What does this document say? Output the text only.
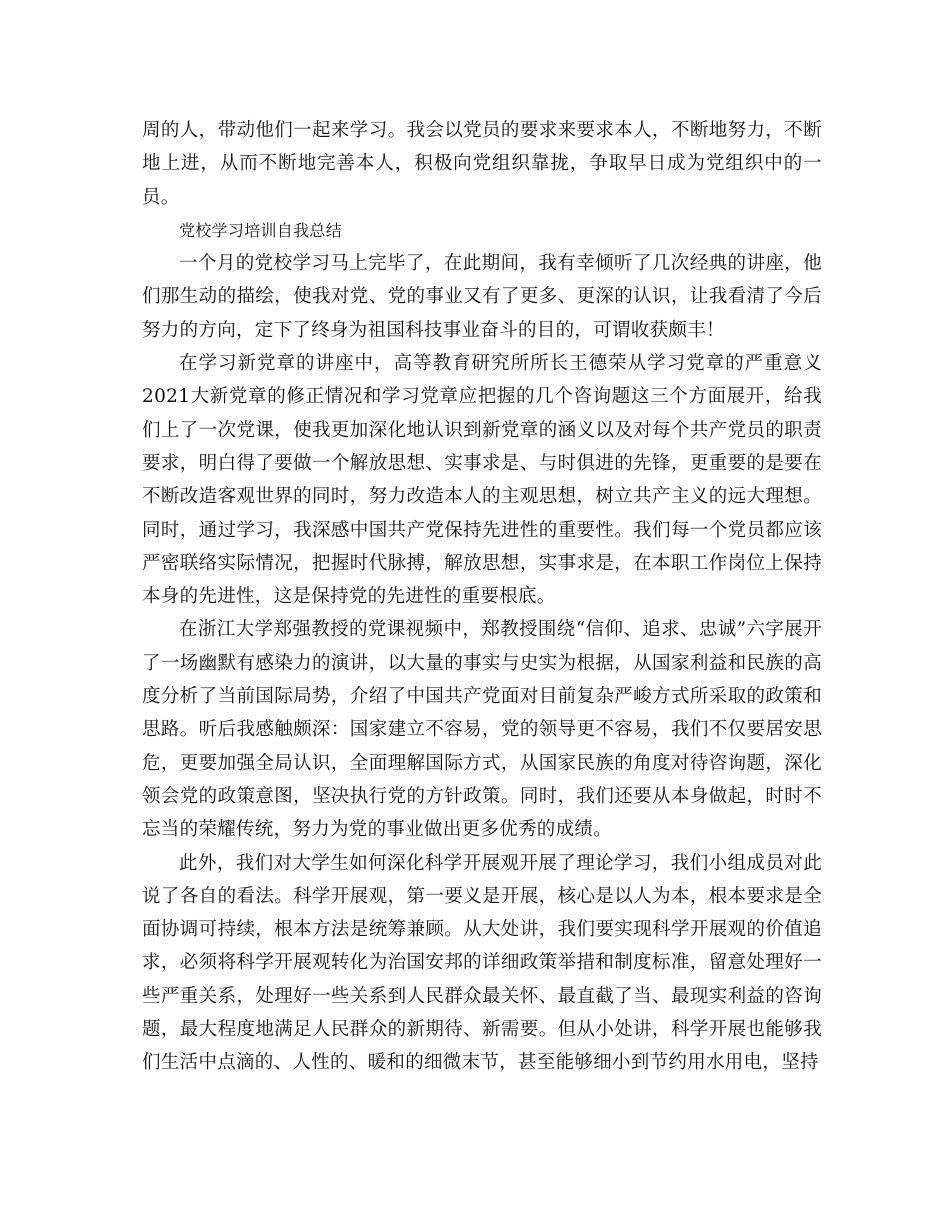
周的人，带动他们一起来学习。我会以党员的要求来要求本人，不断地努力，不断地上进，从而不断地完善本人，积极向党组织靠拢，争取早日成为党组织中的一员。

党校学习培训自我总结

一个月的党校学习马上完毕了，在此期间，我有幸倾听了几次经典的讲座，他们那生动的描绘，使我对党、党的事业又有了更多、更深的认识，让我看清了今后努力的方向，定下了终身为祖国科技事业奋斗的目的，可谓收获颇丰！

在学习新党章的讲座中，高等教育研究所所长王德荣从学习党章的严重意义2021大新党章的修正情况和学习党章应把握的几个咨询题这三个方面展开，给我们上了一次党课，使我更加深化地认识到新党章的涵义以及对每个共产党员的职责要求，明白得了要做一个解放思想、实事求是、与时俱进的先锋，更重要的是要在不断改造客观世界的同时，努力改造本人的主观思想，树立共产主义的远大理想。同时，通过学习，我深感中国共产党保持先进性的重要性。我们每一个党员都应该严密联络实际情况，把握时代脉搏，解放思想，实事求是，在本职工作岗位上保持本身的先进性，这是保持党的先进性的重要根底。

在浙江大学郑强教授的党课视频中，郑教授围绕“信仰、追求、忠诚”六字展开了一场幽默有感染力的演讲，以大量的事实与史实为根据，从国家利益和民族的高度分析了当前国际局势，介绍了中国共产党面对目前复杂严峻方式所采取的政策和思路。听后我感触颇深：国家建立不容易，党的领导更不容易，我们不仅要居安思危，更要加强全局认识，全面理解国际方式，从国家民族的角度对待咨询题，深化领会党的政策意图，坚决执行党的方针政策。同时，我们还要从本身做起，时时不忘当的荣耀传统，努力为党的事业做出更多优秀的成绩。

此外，我们对大学生如何深化科学开展观开展了理论学习，我们小组成员对此说了各自的看法。科学开展观，第一要义是开展，核心是以人为本，根本要求是全面协调可持续，根本方法是统筹兼顾。从大处讲，我们要实现科学开展观的价值追求，必须将科学开展观转化为治国安邦的详细政策举措和制度标准，留意处理好一些严重关系，处理好一些关系到人民群众最关怀、最直截了当、最现实利益的咨询题，最大程度地满足人民群众的新期待、新需要。但从小处讲，科学开展也能够我们生活中点滴的、人性的、暖和的细微末节，甚至能够细小到节约用水用电，坚持
